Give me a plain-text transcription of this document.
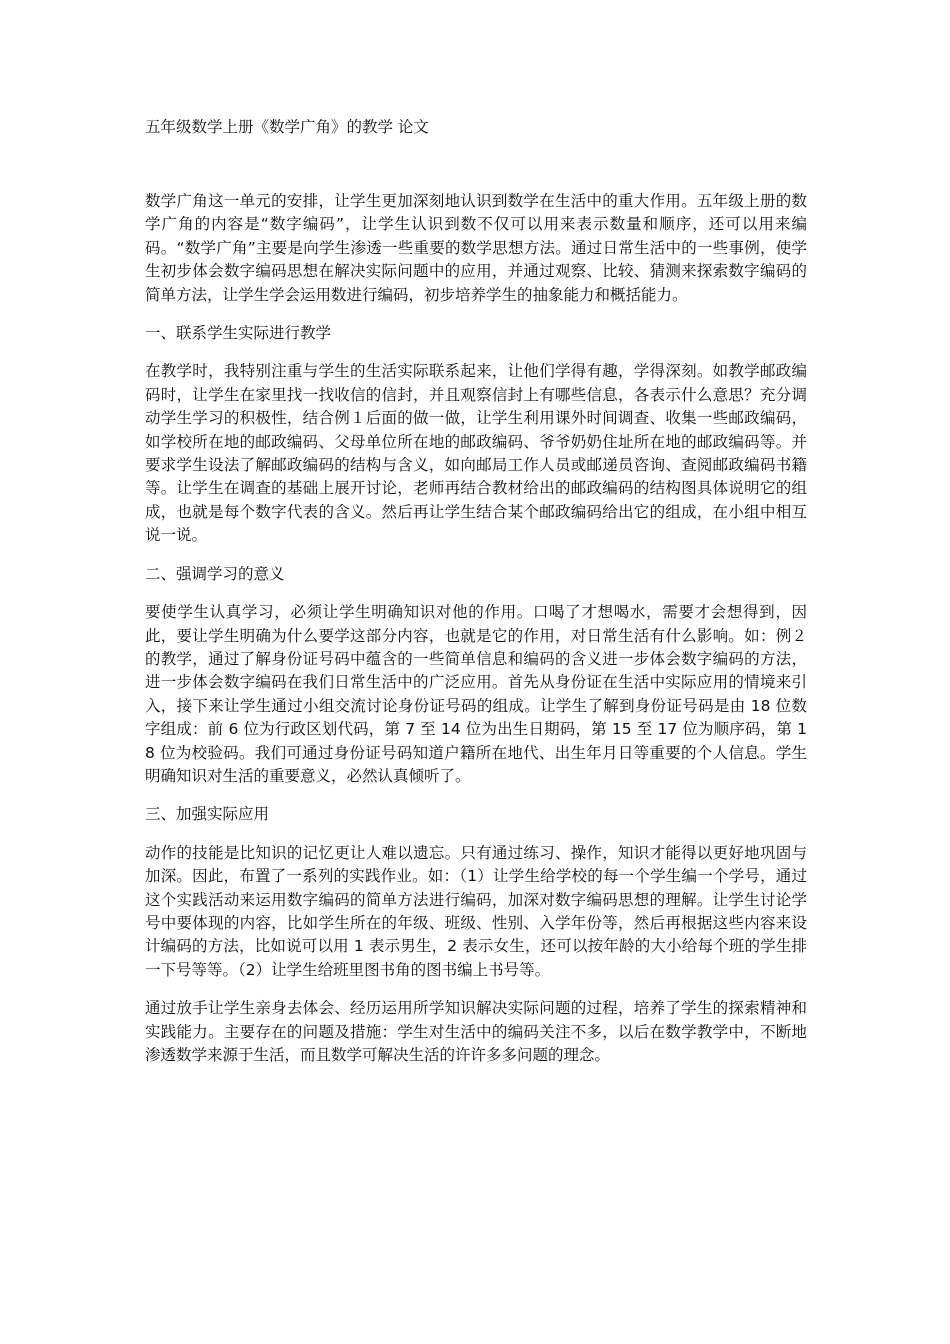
五年级数学上册《数学广角》的教学 论文

数学广角这一单元的安排，让学生更加深刻地认识到数学在生活中的重大作用。五年级上册的数学广角的内容是“数字编码”，让学生认识到数不仅可以用来表示数量和顺序，还可以用来编码。“数学广角”主要是向学生渗透一些重要的数学思想方法。通过日常生活中的一些事例，使学生初步体会数字编码思想在解决实际问题中的应用，并通过观察、比较、猜测来探索数字编码的简单方法，让学生学会运用数进行编码，初步培养学生的抽象能力和概括能力。

一、联系学生实际进行教学

在教学时，我特别注重与学生的生活实际联系起来，让他们学得有趣，学得深刻。如教学邮政编码时，让学生在家里找一找收信的信封，并且观察信封上有哪些信息，各表示什么意思？充分调动学生学习的积极性，结合例１后面的做一做，让学生利用课外时间调查、收集一些邮政编码，如学校所在地的邮政编码、父母单位所在地的邮政编码、爷爷奶奶住址所在地的邮政编码等。并要求学生设法了解邮政编码的结构与含义，如向邮局工作人员或邮递员咨询、查阅邮政编码书籍等。让学生在调查的基础上展开讨论，老师再结合教材给出的邮政编码的结构图具体说明它的组成，也就是每个数字代表的含义。然后再让学生结合某个邮政编码给出它的组成，在小组中相互说一说。

二、强调学习的意义

要使学生认真学习，必须让学生明确知识对他的作用。口喝了才想喝水，需要才会想得到，因此，要让学生明确为什么要学这部分内容，也就是它的作用，对日常生活有什么影响。如：例２的教学，通过了解身份证号码中蕴含的一些简单信息和编码的含义进一步体会数字编码的方法，进一步体会数字编码在我们日常生活中的广泛应用。首先从身份证在生活中实际应用的情境来引入，接下来让学生通过小组交流讨论身份证号码的组成。让学生了解到身份证号码是由 18 位数字组成：前 6 位为行政区划代码，第 7 至 14 位为出生日期码，第 15 至 17 位为顺序码，第 18 位为校验码。我们可通过身份证号码知道户籍所在地代、出生年月日等重要的个人信息。学生明确知识对生活的重要意义，必然认真倾听了。

三、加强实际应用

动作的技能是比知识的记忆更让人难以遗忘。只有通过练习、操作，知识才能得以更好地巩固与加深。因此，布置了一系列的实践作业。如：（1）让学生给学校的每一个学生编一个学号，通过这个实践活动来运用数字编码的简单方法进行编码，加深对数字编码思想的理解。让学生讨论学号中要体现的内容，比如学生所在的年级、班级、性别、入学年份等，然后再根据这些内容来设计编码的方法，比如说可以用 1 表示男生，2 表示女生，还可以按年龄的大小给每个班的学生排一下号等等。（2）让学生给班里图书角的图书编上书号等。

通过放手让学生亲身去体会、经历运用所学知识解决实际问题的过程，培养了学生的探索精神和实践能力。主要存在的问题及措施：学生对生活中的编码关注不多，以后在数学教学中，不断地渗透数学来源于生活，而且数学可解决生活的许许多多问题的理念。
